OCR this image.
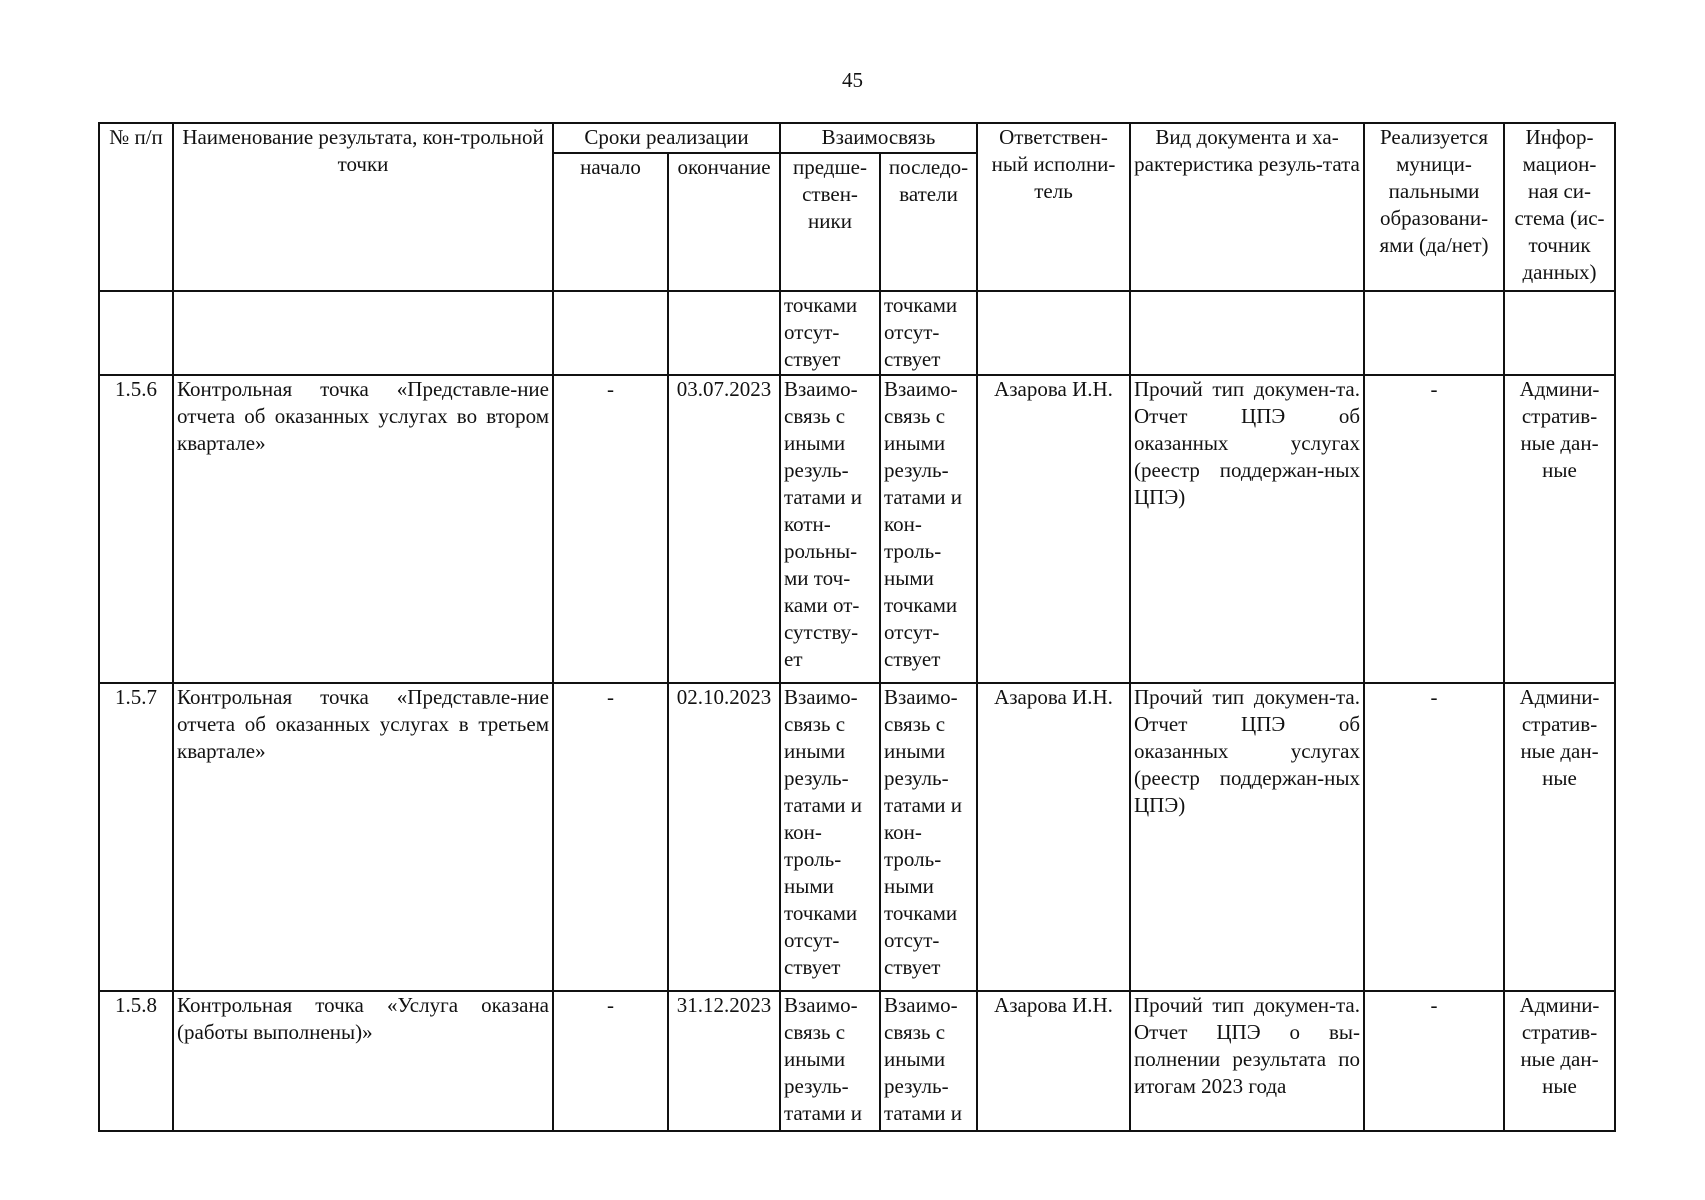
45
№ п/п	Наименование результата, кон-трольной точки	Сроки реализации		Взаимосвязь		Ответствен-ный исполни-тель	Вид документа и ха-рактеристика резуль-тата	Реализуется муници-пальными образовани-ями (да/нет)	Инфор-мацион-ная си-стема (ис-точник данных)
		начало	окончание	предше-ствен-ники	последо-ватели				
				точками отсут-ствует	точками отсут-ствует				
1.5.6	Контрольная точка «Представле-ние отчета об оказанных услугах во втором квартале»	-	03.07.2023	Взаимо-связь с иными резуль-татами и котн-рольны-ми точ-ками от-сутству-ет	Взаимо-связь с иными резуль-татами и кон-троль-ными точками отсут-ствует	Азарова И.Н.	Прочий тип докумен-та. Отчет ЦПЭ об оказанных услугах (реестр поддержан-ных ЦПЭ)	-	Админи-стратив-ные дан-ные
1.5.7	Контрольная точка «Представле-ние отчета об оказанных услугах в третьем квартале»	-	02.10.2023	Взаимо-связь с иными резуль-татами и кон-троль-ными точками отсут-ствует	Взаимо-связь с иными резуль-татами и кон-троль-ными точками отсут-ствует	Азарова И.Н.	Прочий тип докумен-та. Отчет ЦПЭ об оказанных услугах (реестр поддержан-ных ЦПЭ)	-	Админи-стратив-ные дан-ные
1.5.8	Контрольная точка «Услуга оказана (работы выполнены)»	-	31.12.2023	Взаимо-связь с иными резуль-татами и	Взаимо-связь с иными резуль-татами и	Азарова И.Н.	Прочий тип докумен-та. Отчет ЦПЭ о вы-полнении результата по итогам 2023 года	-	Админи-стратив-ные дан-ные
